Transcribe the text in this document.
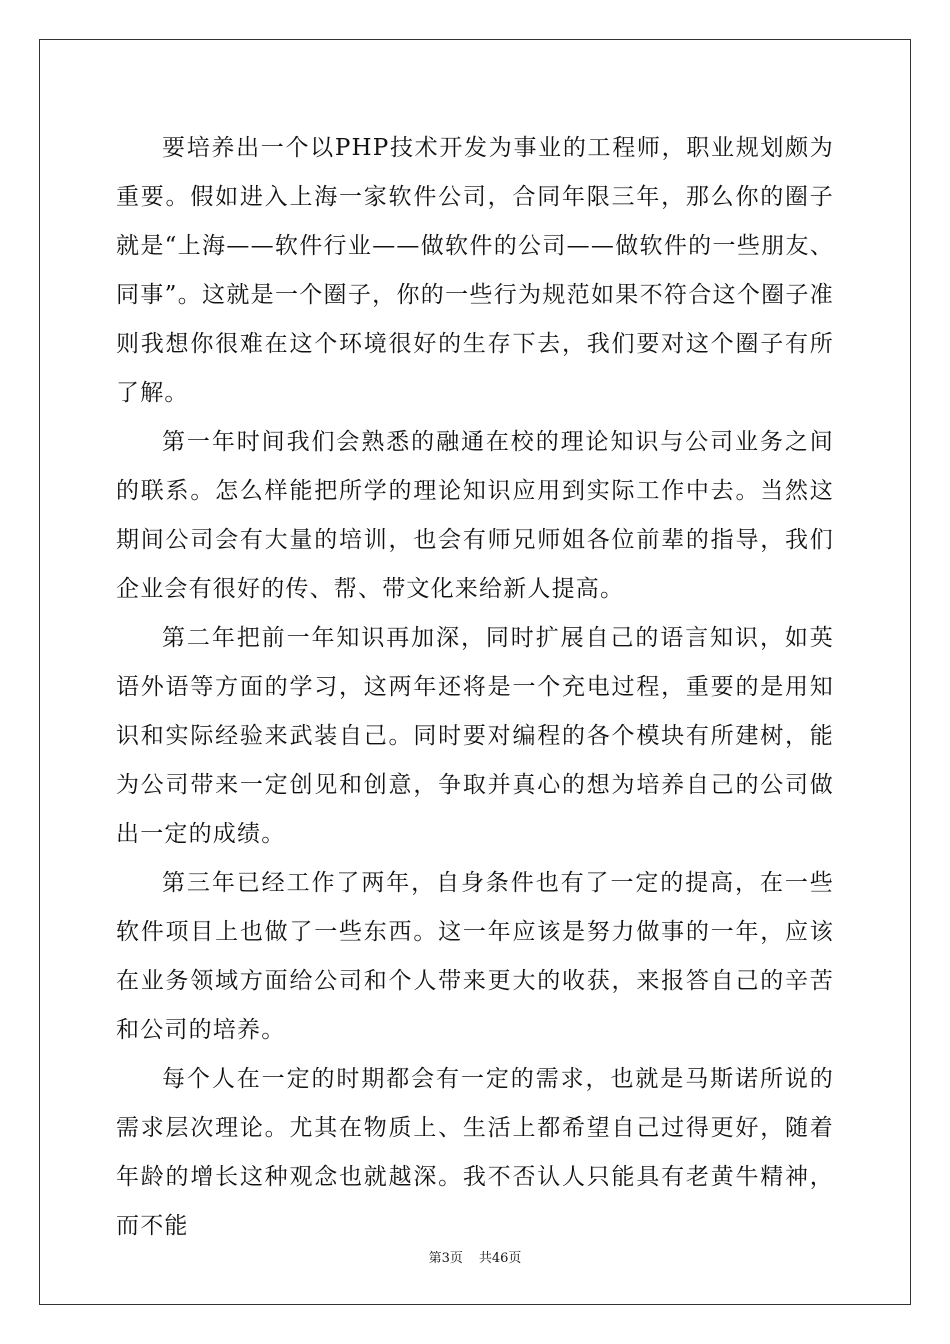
要培养出一个以PHP技术开发为事业的工程师，职业规划颇为重要。假如进入上海一家软件公司，合同年限三年，那么你的圈子就是“上海——软件行业——做软件的公司——做软件的一些朋友、同事”。这就是一个圈子，你的一些行为规范如果不符合这个圈子准则我想你很难在这个环境很好的生存下去，我们要对这个圈子有所了解。

第一年时间我们会熟悉的融通在校的理论知识与公司业务之间的联系。怎么样能把所学的理论知识应用到实际工作中去。当然这期间公司会有大量的培训，也会有师兄师姐各位前辈的指导，我们企业会有很好的传、帮、带文化来给新人提高。

第二年把前一年知识再加深，同时扩展自己的语言知识，如英语外语等方面的学习，这两年还将是一个充电过程，重要的是用知识和实际经验来武装自己。同时要对编程的各个模块有所建树，能为公司带来一定创见和创意，争取并真心的想为培养自己的公司做出一定的成绩。

第三年已经工作了两年，自身条件也有了一定的提高，在一些软件项目上也做了一些东西。这一年应该是努力做事的一年，应该在业务领域方面给公司和个人带来更大的收获，来报答自己的辛苦和公司的培养。

每个人在一定的时期都会有一定的需求，也就是马斯诺所说的需求层次理论。尤其在物质上、生活上都希望自己过得更好，随着年龄的增长这种观念也就越深。我不否认人只能具有老黄牛精神，而不能

第3页 共46页
